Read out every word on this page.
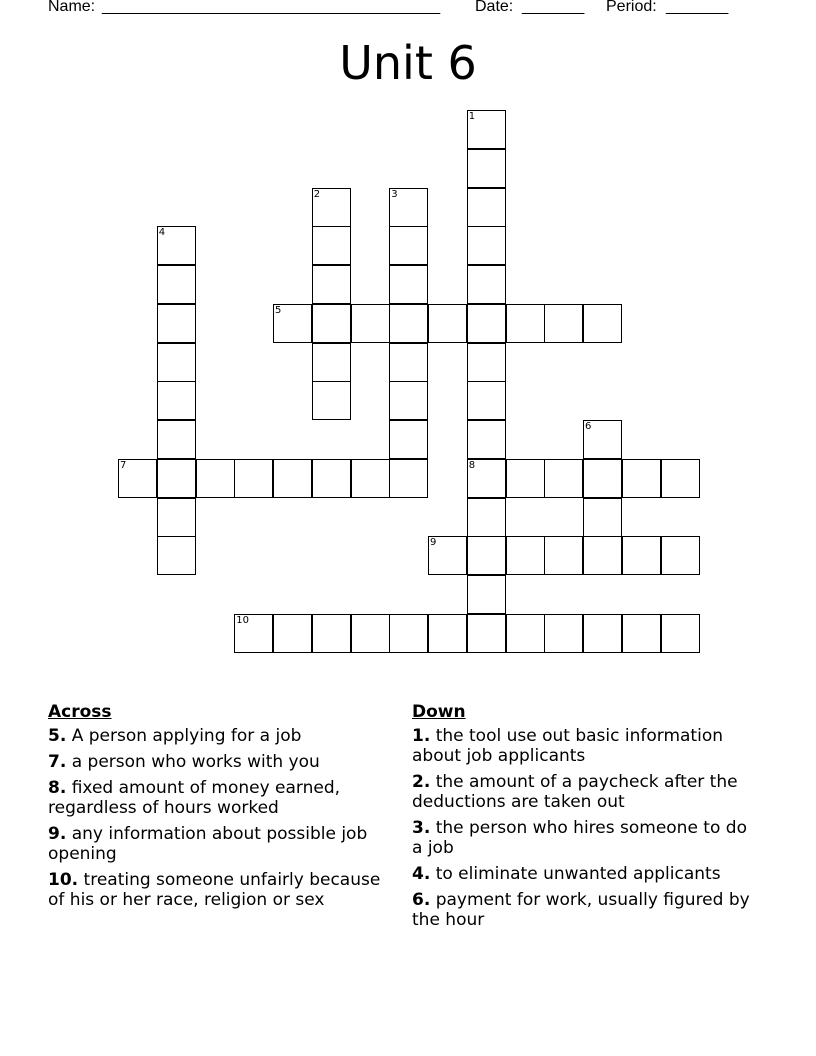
Name: ______________________________________ Date: _______ Period: _______
Unit 6
1
8
2	3
4
5
6
7
9
10
Across
5. A person applying for a job
7. a person who works with you
8. fixed amount of money earned, regardless of hours worked
9. any information about possible job opening
10. treating someone unfairly because of his or her race, religion or sex
Down
1. the tool use out basic information about job applicants
2. the amount of a paycheck after the deductions are taken out
3. the person who hires someone to do a job
4. to eliminate unwanted applicants
6. payment for work, usually figured by the hour
